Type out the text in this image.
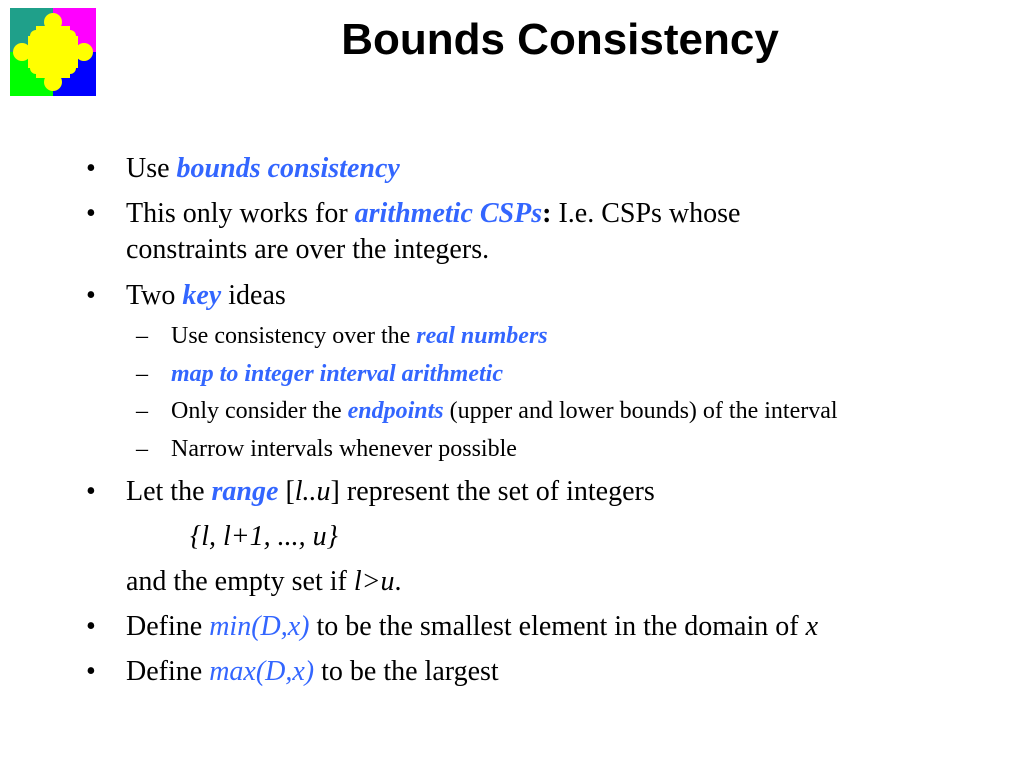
Bounds Consistency
• Use bounds consistency
• This only works for arithmetic CSPs: I.e. CSPs whose
constraints are over the integers.
• Two key ideas
– Use consistency over the real numbers
– map to integer interval arithmetic
– Only consider the endpoints (upper and lower bounds) of the interval
– Narrow intervals whenever possible
• Let the range [l..u] represent the set of integers
{l, l+1, ..., u}
and the empty set if l>u.
• Define min(D,x) to be the smallest element in the domain of x
• Define max(D,x) to be the largest
